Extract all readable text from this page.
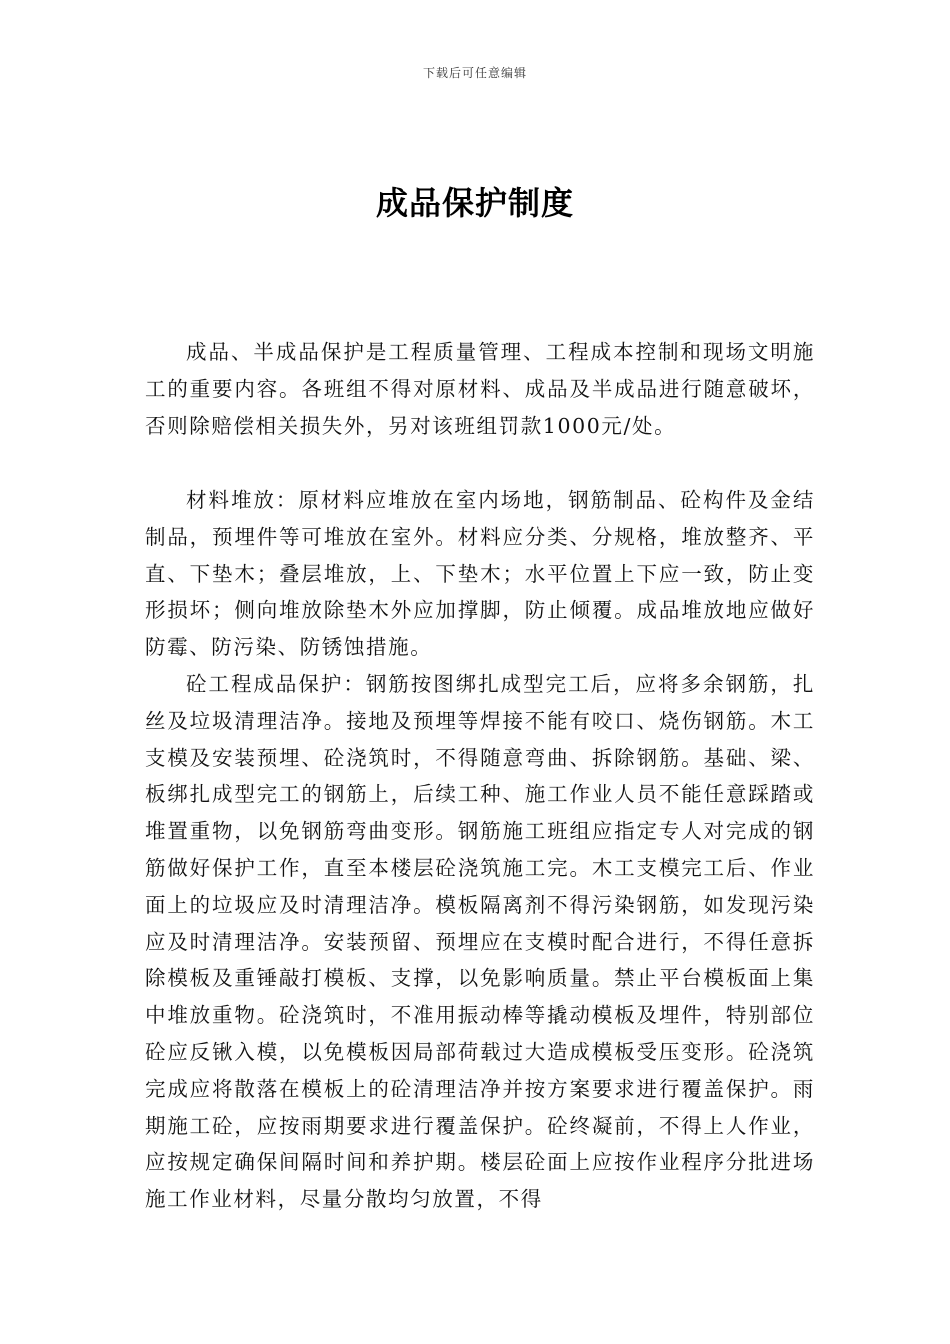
下载后可任意编辑
成品保护制度

成品、半成品保护是工程质量管理、工程成本控制和现场文明施工的重要内容。各班组不得对原材料、成品及半成品进行随意破坏，否则除赔偿相关损失外，另对该班组罚款1000元/处。

材料堆放：原材料应堆放在室内场地，钢筋制品、砼构件及金结制品，预埋件等可堆放在室外。材料应分类、分规格，堆放整齐、平直、下垫木；叠层堆放，上、下垫木；水平位置上下应一致，防止变形损坏；侧向堆放除垫木外应加撑脚，防止倾覆。成品堆放地应做好防霉、防污染、防锈蚀措施。

砼工程成品保护：钢筋按图绑扎成型完工后，应将多余钢筋，扎丝及垃圾清理洁净。接地及预埋等焊接不能有咬口、烧伤钢筋。木工支模及安装预埋、砼浇筑时，不得随意弯曲、拆除钢筋。基础、梁、板绑扎成型完工的钢筋上，后续工种、施工作业人员不能任意踩踏或堆置重物，以免钢筋弯曲变形。钢筋施工班组应指定专人对完成的钢筋做好保护工作，直至本楼层砼浇筑施工完。木工支模完工后、作业面上的垃圾应及时清理洁净。模板隔离剂不得污染钢筋，如发现污染应及时清理洁净。安装预留、预埋应在支模时配合进行，不得任意拆除模板及重锤敲打模板、支撑，以免影响质量。禁止平台模板面上集中堆放重物。砼浇筑时，不准用振动棒等撬动模板及埋件，特别部位砼应反锹入模，以免模板因局部荷载过大造成模板受压变形。砼浇筑完成应将散落在模板上的砼清理洁净并按方案要求进行覆盖保护。雨期施工砼，应按雨期要求进行覆盖保护。砼终凝前，不得上人作业，应按规定确保间隔时间和养护期。楼层砼面上应按作业程序分批进场施工作业材料，尽量分散均匀放置，不得
